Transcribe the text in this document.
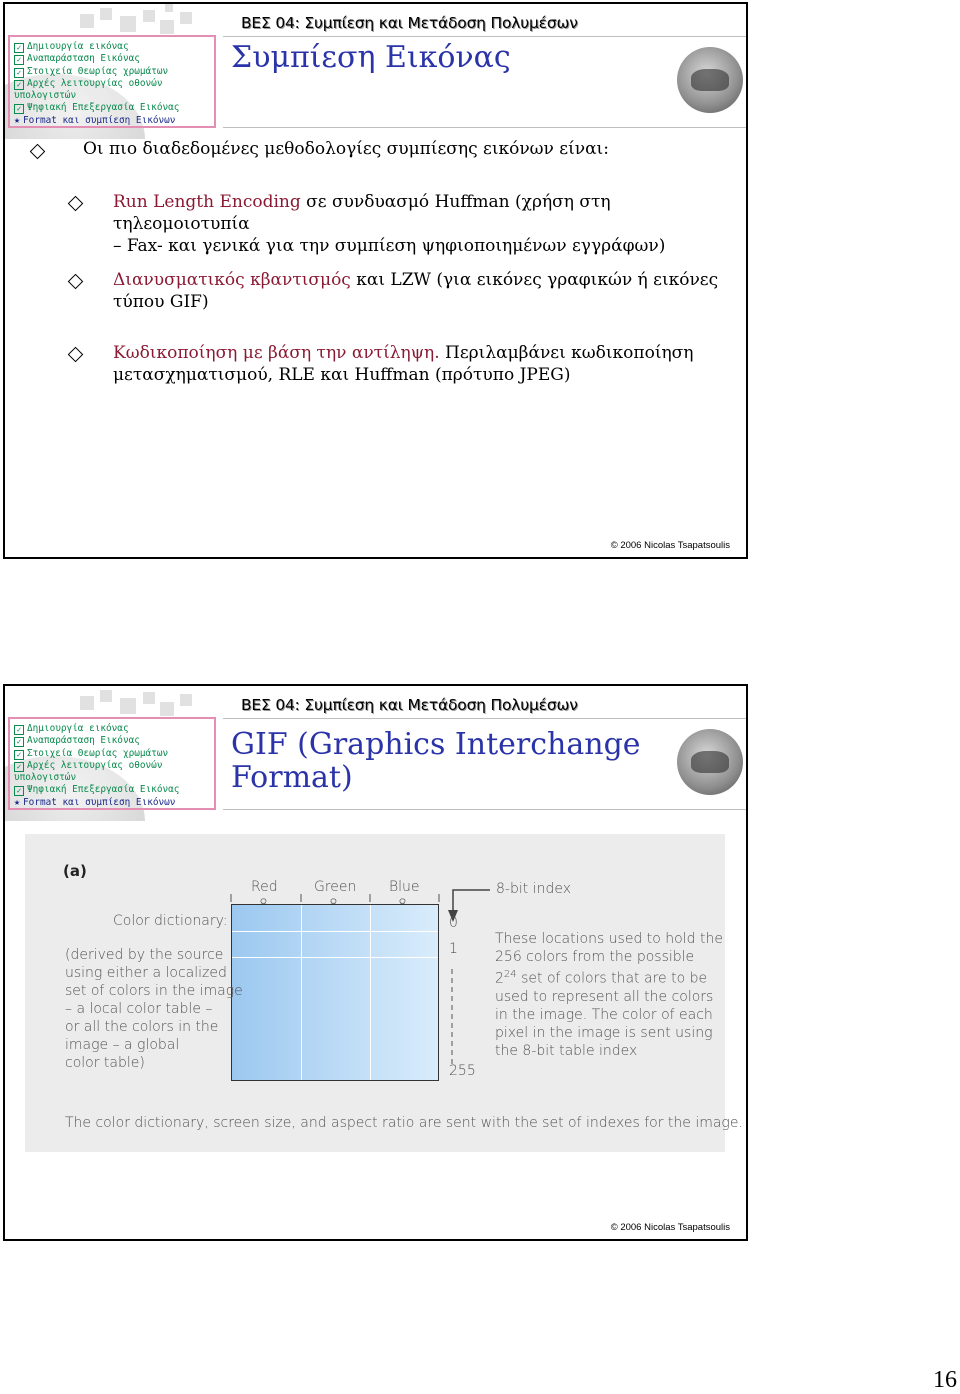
✓ Δημιουργία εικόνας
✓ Αναπαράσταση Εικόνας
✓ Στοιχεία Θεωρίας χρωμάτων
✓ Αρχές λειτουργίας οθονών
υπολογιστών
✓ Ψηφιακή Επεξεργασία Εικόνας
★ Format και συμπίεση Εικόνων
ΒΕΣ 04: Συμπίεση και Μετάδοση Πολυμέσων
Συμπίεση Εικόνας
Οι πιο διαδεδομένες μεθοδολογίες συμπίεσης εικόνων είναι:
Run Length Encoding σε συνδυασμό Huffman (χρήση στη τηλεομοιοτυπία
– Fax- και γενικά για την συμπίεση ψηφιοποιημένων εγγράφων)
Διανυσματικός κβαντισμός και LZW (για εικόνες γραφικών ή εικόνες
τύπου GIF)
Κωδικοποίηση με βάση την αντίληψη. Περιλαμβάνει κωδικοποίηση
μετασχηματισμού, RLE και Huffman (πρότυπο JPEG)
© 2006 Nicolas Tsapatsoulis
✓ Δημιουργία εικόνας
✓ Αναπαράσταση Εικόνας
✓ Στοιχεία Θεωρίας χρωμάτων
✓ Αρχές λειτουργίας οθονών
υπολογιστών
✓ Ψηφιακή Επεξεργασία Εικόνας
★ Format και συμπίεση Εικόνων
ΒΕΣ 04: Συμπίεση και Μετάδοση Πολυμέσων
GIF (Graphics Interchange
Format)
(a)
Red	Green Blue
0
1
255
8-bit index
Color dictionary:
(derived by the source
using either a localized
set of colors in the image
– a local color table –
or all the colors in the
image – a global
color table)
These locations used to hold the
256 colors from the possible
$2^{24}$ set of colors that are to be
used to represent all the colors
in the image. The color of each
pixel in the image is sent using
the 8-bit table index
The color dictionary, screen size, and aspect ratio are sent with the set of indexes for the image.
© 2006 Nicolas Tsapatsoulis
16
